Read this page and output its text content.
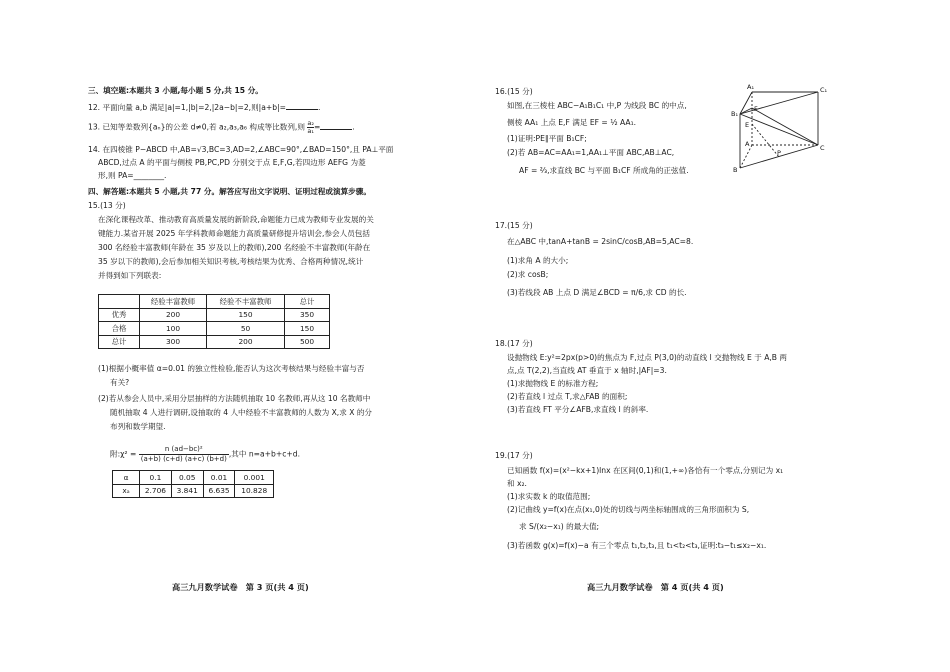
三、填空题:本题共 3 小题,每小题 5 分,共 15 分。
12. 平面向量 a,b 满足|a|=1,|b|=2,|2a−b|=2,则|a+b|=	.
13. 已知等差数列{aₙ}的公差 d≠0,若 a₂,a₃,a₆ 构成等比数列,则 $\frac{\text{a₂}}{\text{a₁}}$ =	.
14. 在四棱锥 P−ABCD 中,AB=√3,BC=3,AD=2,∠ABC=90°,∠BAD=150°,且 PA⊥平面
ABCD,过点 A 的平面与侧棱 PB,PC,PD 分别交于点 E,F,G,若四边形 AEFG 为菱
形,则 PA=________.
四、解答题:本题共 5 小题,共 77 分。解答应写出文字说明、证明过程或演算步骤。
15.(13 分)
在深化课程改革、推动教育高质量发展的新阶段,命题能力已成为教师专业发展的关
键能力.某省开展 2025 年学科教师命题能力高质量研修提升培训会,参会人员包括
300 名经验丰富教师(年龄在 35 岁及以上的教师),200 名经验不丰富教师(年龄在
35 岁以下的教师),会后参加相关知识考核,考核结果为优秀、合格两种情况,统计
并得到如下列联表:
	经验丰富教师	经验不丰富教师	总计
优秀	200	150	350
合格	100	50	150
总计	300	200	500
(1)根据小概率值 α=0.01 的独立性检验,能否认为这次考核结果与经验丰富与否
有关?
(2)若从参会人员中,采用分层抽样的方法随机抽取 10 名教师,再从这 10 名教师中
随机抽取 4 人进行调研,设抽取的 4 人中经验不丰富教师的人数为 X,求 X 的分
布列和数学期望.
附:χ² = $\frac{\text{n (ad−bc)²}}{(a+b) (c+d) (a+c) (b+d)}$ ,其中 n=a+b+c+d.
α	0.1	0.05	0.01	0.001
xₐ	2.706	3.841	6.635	10.828
高三九月数学试卷　第 3 页(共 4 页)
16.(15 分)
如图,在三棱柱 ABC−A₁B₁C₁ 中,P 为线段 BC 的中点,
侧棱 AA₁ 上点 E,F 满足 EF = ½ AA₁.
(1)证明:PE∥平面 B₁CF;
(2)若 AB=AC=AA₁=1,AA₁⊥平面 ABC,AB⊥AC,
AF = ⅔,求直线 BC 与平面 B₁CF 所成角的正弦值.
A₁	C₁
B₁
F
E
A
P
C
B
17.(15 分)
在△ABC 中,tanA+tanB = 2sinC/cosB,AB=5,AC=8.
(1)求角 A 的大小;
(2)求 cosB;
(3)若线段 AB 上点 D 满足∠BCD = π/6,求 CD 的长.
18.(17 分)
设抛物线 E:y²=2px(p>0)的焦点为 F,过点 P(3,0)的动直线 l 交抛物线 E 于 A,B 两
点,点 T(2,2),当直线 AT 垂直于 x 轴时,|AF|=3.
(1)求抛物线 E 的标准方程;
(2)若直线 l 过点 T,求△FAB 的面积;
(3)若直线 FT 平分∠AFB,求直线 l 的斜率.
19.(17 分)
已知函数 f(x)=(x²−kx+1)lnx 在区间(0,1)和(1,+∞)各恰有一个零点,分别记为 x₁
和 x₂.
(1)求实数 k 的取值范围;
(2)记曲线 y=f(x)在点(x₁,0)处的切线与两坐标轴围成的三角形面积为 S,
求 S/(x₂−x₁) 的最大值;
(3)若函数 g(x)=f(x)−a 有三个零点 t₁,t₂,t₃,且 t₁<t₂<t₃,证明:t₃−t₁≤x₂−x₁.
高三九月数学试卷　第 4 页(共 4 页)
